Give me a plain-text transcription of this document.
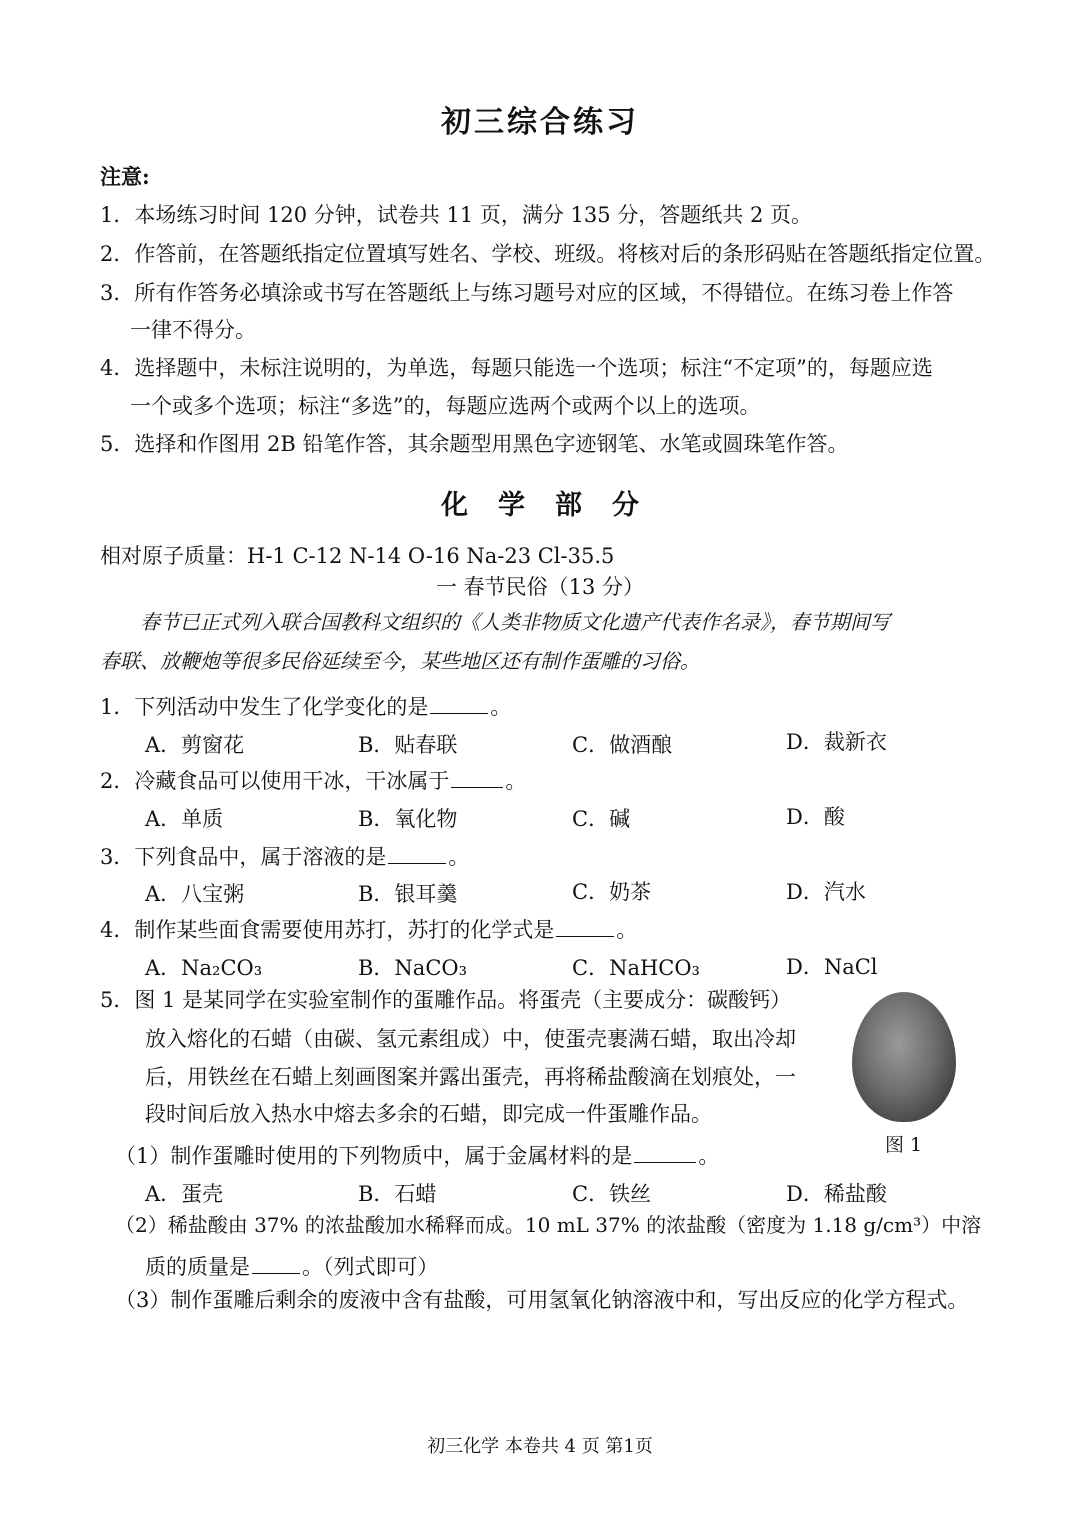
初三综合练习
注意:
1．本场练习时间 120 分钟，试卷共 11 页，满分 135 分，答题纸共 2 页。
2．作答前，在答题纸指定位置填写姓名、学校、班级。将核对后的条形码贴在答题纸指定位置。
3．所有作答务必填涂或书写在答题纸上与练习题号对应的区域，不得错位。在练习卷上作答
一律不得分。
4．选择题中，未标注说明的，为单选，每题只能选一个选项；标注“不定项”的，每题应选
一个或多个选项；标注“多选”的，每题应选两个或两个以上的选项。
5．选择和作图用 2B 铅笔作答，其余题型用黑色字迹钢笔、水笔或圆珠笔作答。
化学部分
相对原子质量：H-1 C-12 N-14 O-16 Na-23 Cl-35.5
一 春节民俗（13 分）
春节已正式列入联合国教科文组织的《人类非物质文化遗产代表作名录》，春节期间写
春联、放鞭炮等很多民俗延续至今，某些地区还有制作蛋雕的习俗。
1．下列活动中发生了化学变化的是	。
A．剪窗花	B．贴春联	C．做酒酿	D．裁新衣
2．冷藏食品可以使用干冰，干冰属于	。
A．单质	B．氧化物	C．碱	D．酸
3．下列食品中，属于溶液的是	。
A．八宝粥	B．银耳羹	C．奶茶	D．汽水
4．制作某些面食需要使用苏打，苏打的化学式是	。
A．Na₂CO₃	B．NaCO₃	C．NaHCO₃	D．NaCl
5．图 1 是某同学在实验室制作的蛋雕作品。将蛋壳（主要成分：碳酸钙）
放入熔化的石蜡（由碳、氢元素组成）中，使蛋壳裹满石蜡，取出冷却
后，用铁丝在石蜡上刻画图案并露出蛋壳，再将稀盐酸滴在划痕处，一
段时间后放入热水中熔去多余的石蜡，即完成一件蛋雕作品。
图 1
（1）制作蛋雕时使用的下列物质中，属于金属材料的是	。
A．蛋壳	B．石蜡	C．铁丝	D．稀盐酸
（2）稀盐酸由 37% 的浓盐酸加水稀释而成。10 mL 37% 的浓盐酸（密度为 1.18 g/cm³）中溶
质的质量是 。（列式即可）
（3）制作蛋雕后剩余的废液中含有盐酸，可用氢氧化钠溶液中和，写出反应的化学方程式。
初三化学 本卷共 4 页 第1页
